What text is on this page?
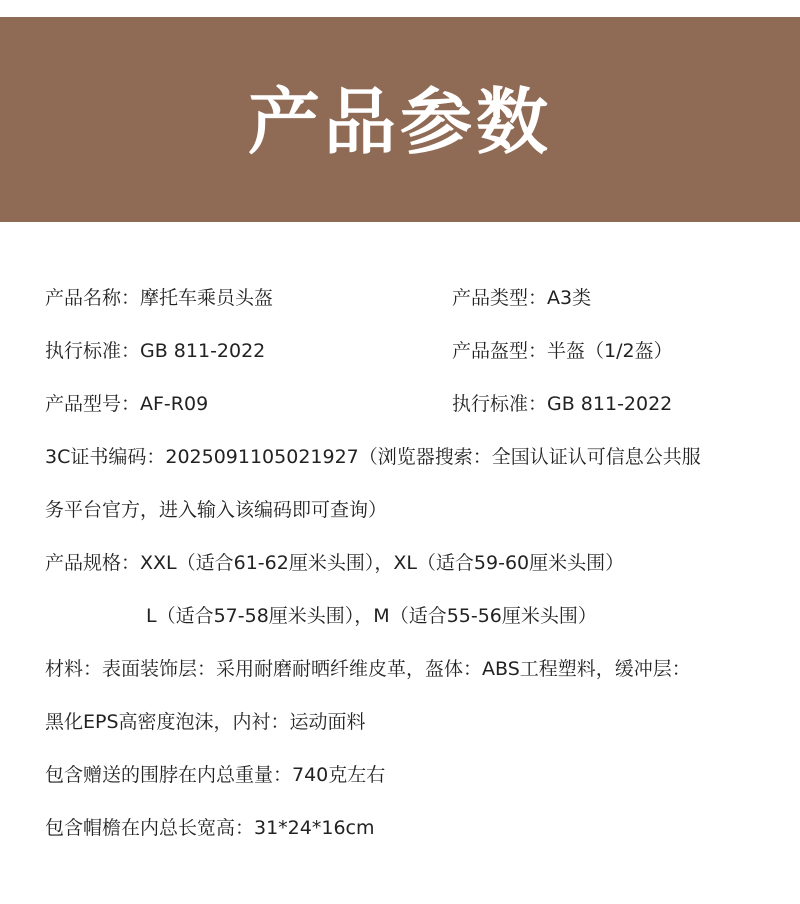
产品参数
产品名称：摩托车乘员头盔	产品类型：A3类
执行标准：GB 811-2022	产品盔型：半盔（1/2盔）
产品型号：AF-R09	执行标准：GB 811-2022
3C证书编码：2025091105021927（浏览器搜索：全国认证认可信息公共服
务平台官方，进入输入该编码即可查询）
产品规格：XXL（适合61-62厘米头围），XL（适合59-60厘米头围）
L（适合57-58厘米头围），M（适合55-56厘米头围）
材料：表面装饰层：采用耐磨耐晒纤维皮革，盔体：ABS工程塑料，缓冲层：
黑化EPS高密度泡沫，内衬：运动面料
包含赠送的围脖在内总重量：740克左右
包含帽檐在内总长宽高：31*24*16cm
